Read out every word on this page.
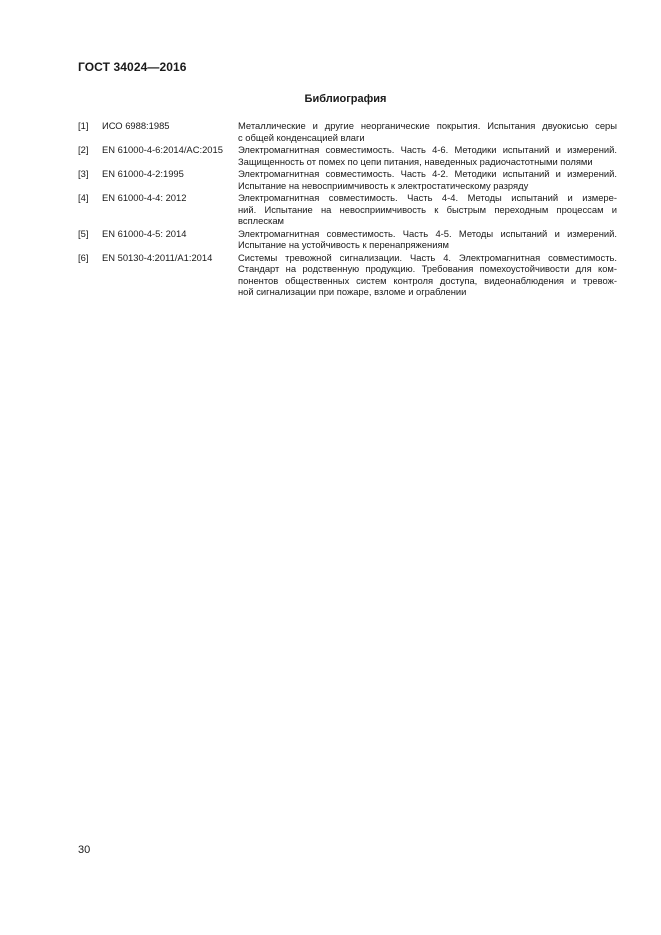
ГОСТ 34024—2016
Библиография
[1]	ИСО 6988:1985	Металлические и другие неорганические покрытия. Испытания двуокисью серы
с общей конденсацией влаги
[2]	EN 61000-4-6:2014/AC:2015	Электромагнитная совместимость. Часть 4-6. Методики испытаний и измерений.
Защищенность от помех по цепи питания, наведенных радиочастотными полями
[3]	EN 61000-4-2:1995	Электромагнитная совместимость. Часть 4-2. Методики испытаний и измерений.
Испытание на невосприимчивость к электростатическому разряду
[4]	EN 61000-4-4: 2012	Электромагнитная совместимость. Часть 4-4. Методы испытаний и измере-
ний. Испытание на невосприимчивость к быстрым переходным процессам и
всплескам
[5]	EN 61000-4-5: 2014	Электромагнитная совместимость. Часть 4-5. Методы испытаний и измерений.
Испытание на устойчивость к перенапряжениям
[6]	EN 50130-4:2011/A1:2014	Системы тревожной сигнализации. Часть 4. Электромагнитная совместимость.
Стандарт на родственную продукцию. Требования помехоустойчивости для ком-
понентов общественных систем контроля доступа, видеонаблюдения и тревож-
ной сигнализации при пожаре, взломе и ограблении
30
